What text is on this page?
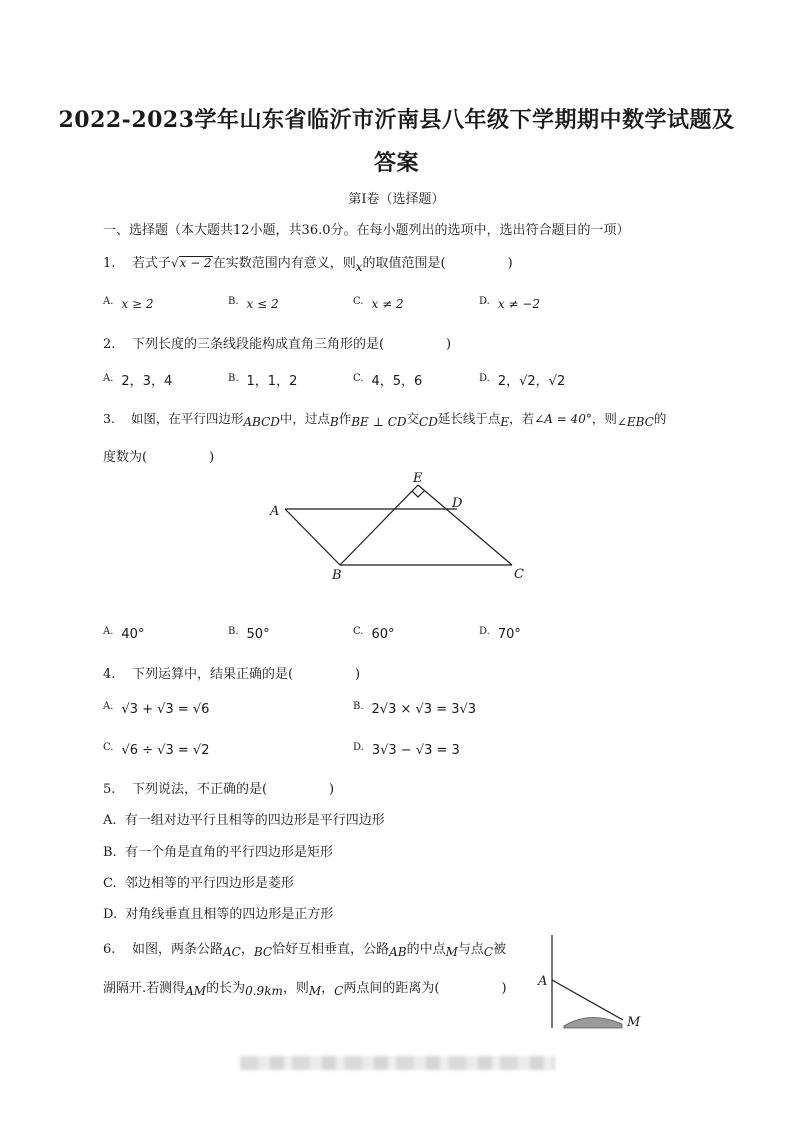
2022-2023学年山东省临沂市沂南县八年级下学期期中数学试题及
答案
第Ⅰ卷（选择题）
一、选择题（本大题共12小题，共36.0分。在每小题列出的选项中，选出符合题目的一项）
1. 若式子√x − 2在实数范围内有意义，则x的取值范围是(	)
$^{A.}$ x ≥ 2	$^{B.}$ x ≤ 2	$^{C.}$ x ≠ 2	$^{D.}$ x ≠ −2
2. 下列长度的三条线段能构成直角三角形的是(	)
$^{A.}$ 2，3，4	$^{B.}$ 1，1，2	$^{C.}$ 4，5，6	$^{D.}$ 2，√2，√2
3. 如图，在平行四边形ABCD中，过点B作BE ⊥ CD交CD延长线于点E，若∠A = 40°，则∠EBC的
度数为(	)
A
B	C
D
E
$^{A.}$ 40°	$^{B.}$ 50°	$^{C.}$ 60°	$^{D.}$ 70°
4. 下列运算中，结果正确的是(	)
$^{A.}$ √3 + √3 = √6	$^{B.}$ 2√3 × √3 = 3√3
$^{C.}$ √6 ÷ √3 = √2	$^{D.}$ 3√3 − √3 = 3
5. 下列说法，不正确的是(	)
A. 有一组对边平行且相等的四边形是平行四边形
B. 有一个角是直角的平行四边形是矩形
C. 邻边相等的平行四边形是菱形
D. 对角线垂直且相等的四边形是正方形
6. 如图，两条公路AC，BC恰好互相垂直，公路AB的中点M与点C被
湖隔开.若测得AM的长为0.9km，则M，C两点间的距离为(	) A
M
